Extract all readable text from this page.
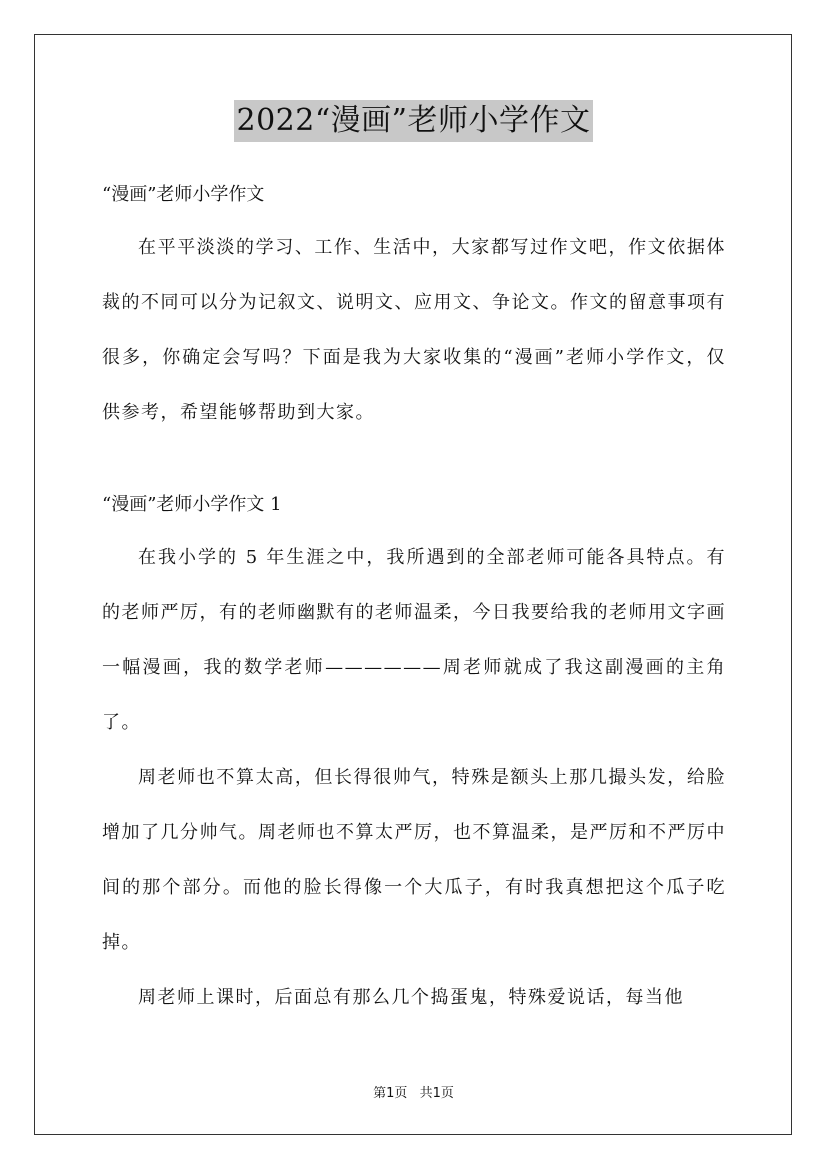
2022“漫画”老师小学作文

“漫画”老师小学作文

在平平淡淡的学习、工作、生活中，大家都写过作文吧，作文依据体裁的不同可以分为记叙文、说明文、应用文、争论文。作文的留意事项有很多，你确定会写吗？下面是我为大家收集的“漫画”老师小学作文，仅供参考，希望能够帮助到大家。

“漫画”老师小学作文 1

在我小学的 5 年生涯之中，我所遇到的全部老师可能各具特点。有的老师严厉，有的老师幽默有的老师温柔，今日我要给我的老师用文字画一幅漫画，我的数学老师——————周老师就成了我这副漫画的主角了。

周老师也不算太高，但长得很帅气，特殊是额头上那几撮头发，给脸增加了几分帅气。周老师也不算太严厉，也不算温柔，是严厉和不严厉中间的那个部分。而他的脸长得像一个大瓜子，有时我真想把这个瓜子吃掉。

周老师上课时，后面总有那么几个捣蛋鬼，特殊爱说话，每当他

第1页 共1页
